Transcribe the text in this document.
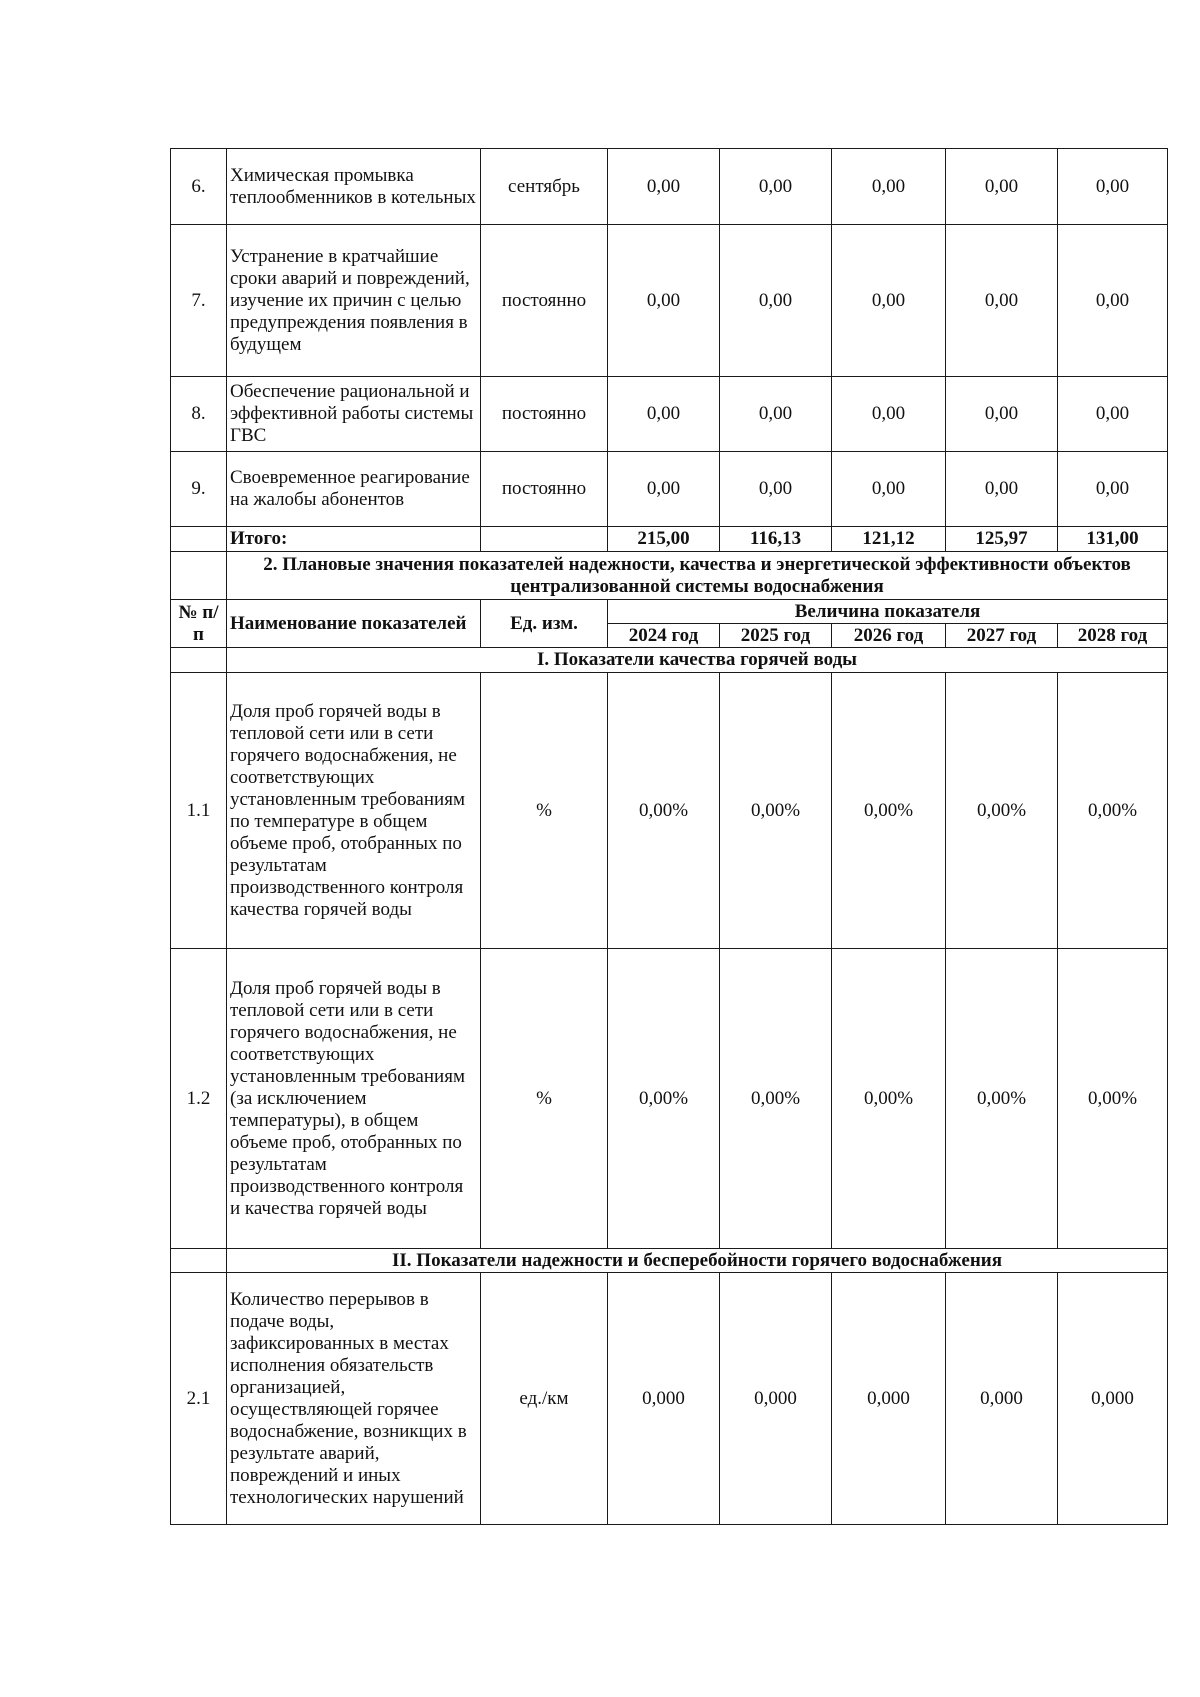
6.	Химическая промывка теплообменников в котельных	сентябрь	0,00	0,00	0,00	0,00	0,00
7.	Устранение в кратчайшие сроки аварий и повреждений, изучение их причин с целью предупреждения появления в будущем	постоянно	0,00	0,00	0,00	0,00	0,00
8.	Обеспечение рациональной и эффективной работы системы ГВС	постоянно	0,00	0,00	0,00	0,00	0,00
9.	Своевременное реагирование на жалобы абонентов	постоянно	0,00	0,00	0,00	0,00	0,00
	Итого:		215,00	116,13	121,12	125,97	131,00
	2. Плановые значения показателей надежности, качества и энергетической эффективности объектов централизованной системы водоснабжения						
№ п/п	Наименование показателей	Ед. изм.	Величина показателя				
			2024 год	2025 год	2026 год	2027 год	2028 год
	I. Показатели качества горячей воды						
1.1	Доля проб горячей воды в тепловой сети или в сети горячего водоснабжения, не соответствующих установленным требованиям по температуре в общем объеме проб, отобранных по результатам производственного контроля качества горячей воды	%	0,00%	0,00%	0,00%	0,00%	0,00%
1.2	Доля проб горячей воды в тепловой сети или в сети горячего водоснабжения, не соответствующих установленным требованиям (за исключением температуры), в общем объеме проб, отобранных по результатам производственного контроля и качества горячей воды	%	0,00%	0,00%	0,00%	0,00%	0,00%
	II. Показатели надежности и бесперебойности горячего водоснабжения						
2.1	Количество перерывов в подаче воды, зафиксированных в местах исполнения обязательств организацией, осуществляющей горячее водоснабжение, возникщих в результате аварий, повреждений и иных технологических нарушений	ед./км	0,000	0,000	0,000	0,000	0,000
